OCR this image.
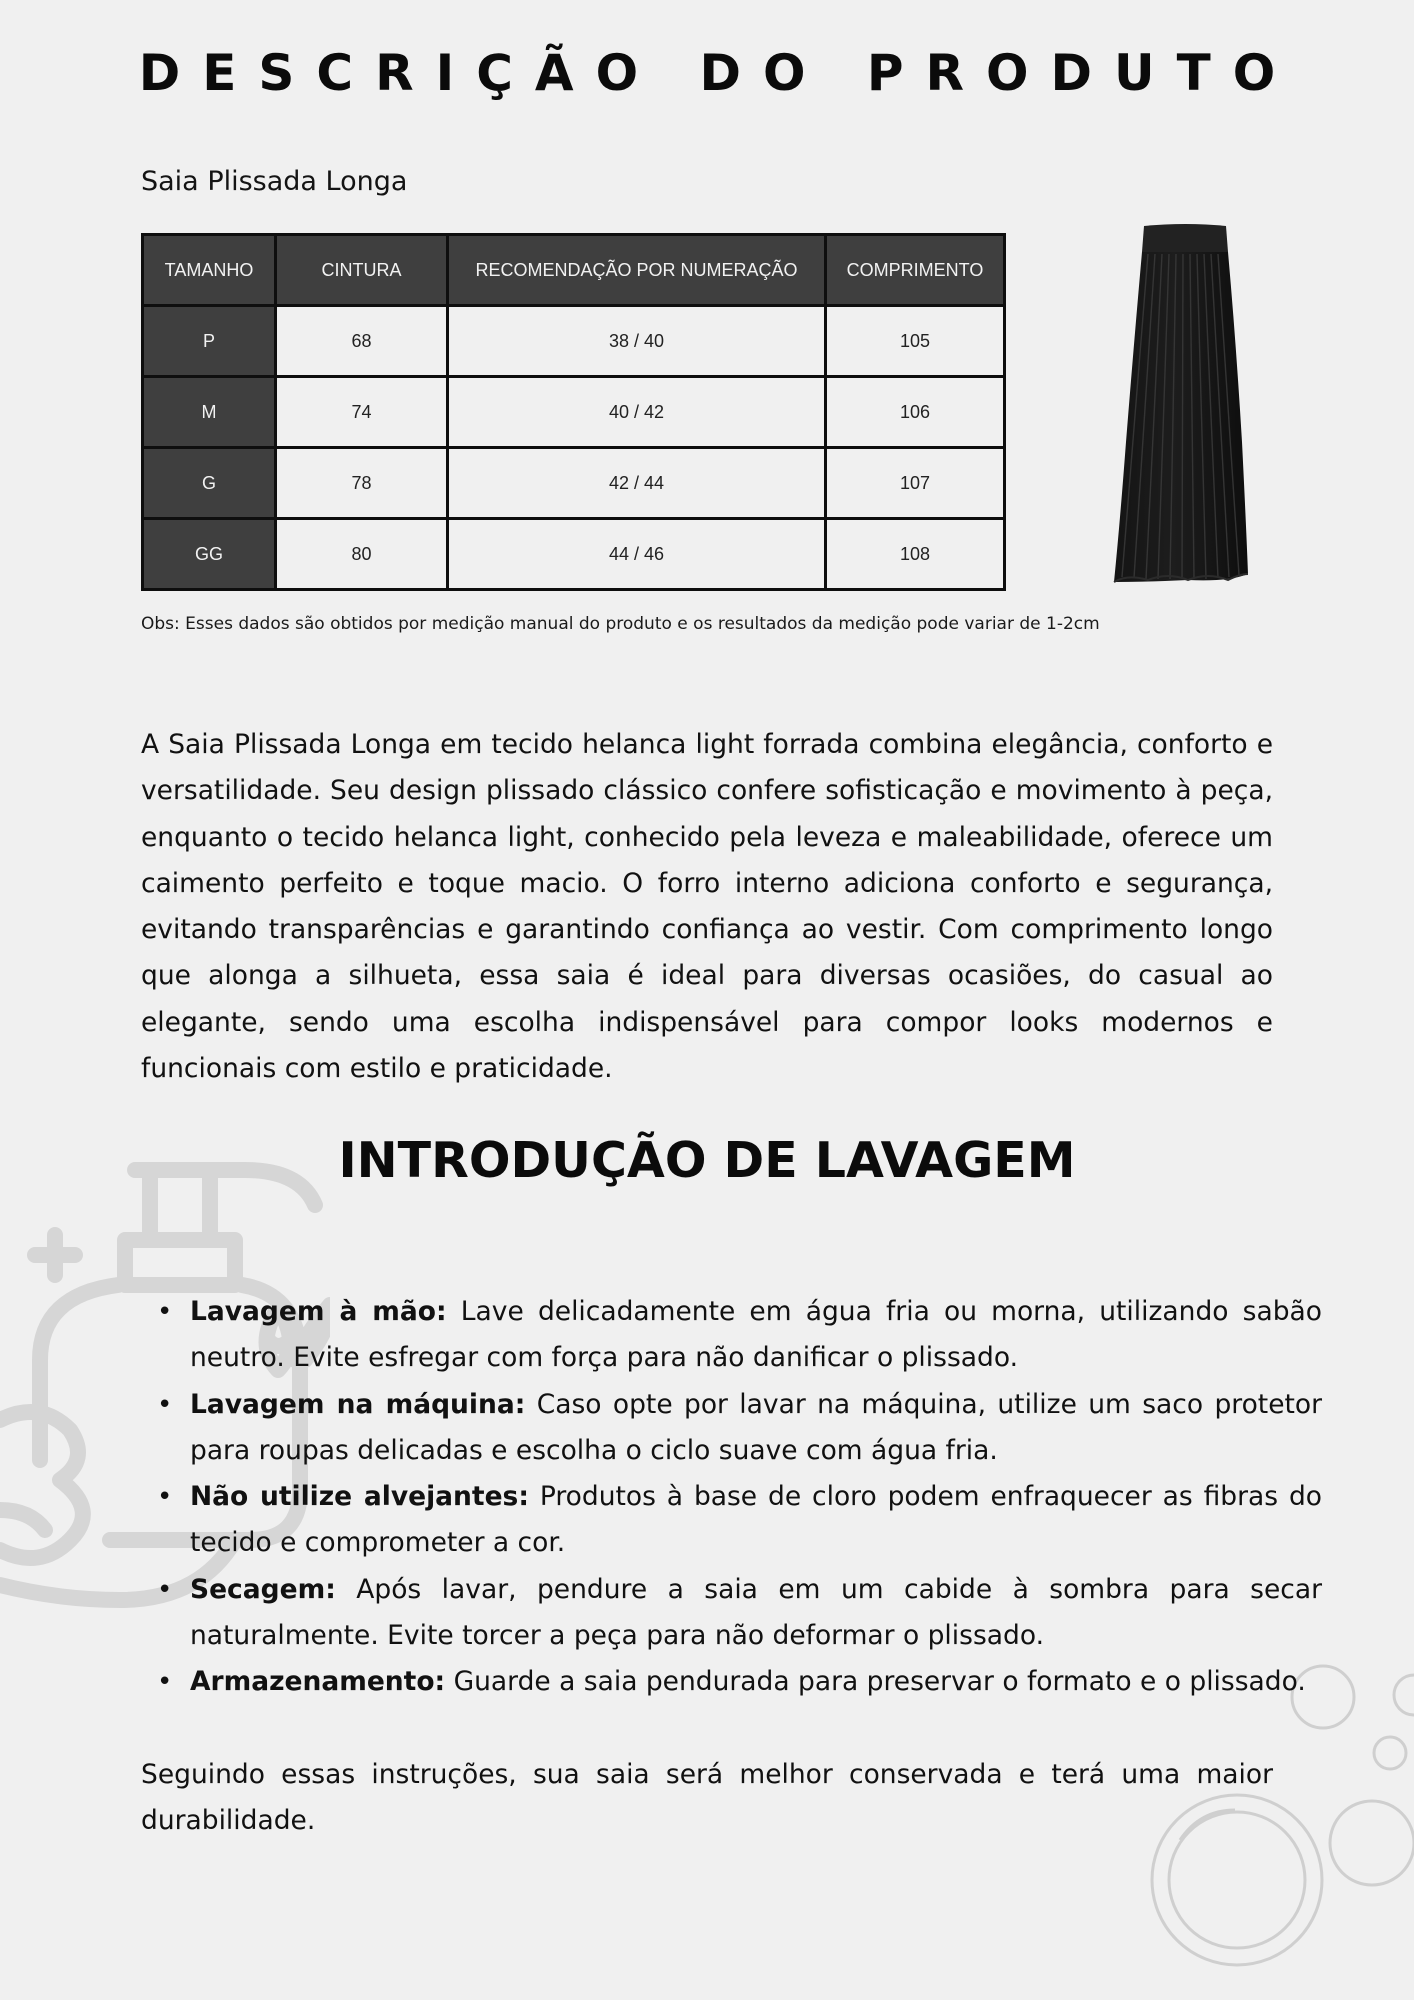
DESCRIÇÃO DO PRODUTO
Saia Plissada Longa
TAMANHO	CINTURA	RECOMENDAÇÃO POR NUMERAÇÃO	COMPRIMENTO
P	68	38 / 40	105
M	74	40 / 42	106
G	78	42 / 44	107
GG	80	44 / 46	108
Obs: Esses dados são obtidos por medição manual do produto e os resultados da medição pode variar de 1-2cm

A Saia Plissada Longa em tecido helanca light forrada combina elegância, conforto e versatilidade. Seu design plissado clássico confere sofisticação e movimento à peça, enquanto o tecido helanca light, conhecido pela leveza e maleabilidade, oferece um caimento perfeito e toque macio. O forro interno adiciona conforto e segurança, evitando transparências e garantindo confiança ao vestir. Com comprimento longo que alonga a silhueta, essa saia é ideal para diversas ocasiões, do casual ao elegante, sendo uma escolha indispensável para compor looks modernos e funcionais com estilo e praticidade.

INTRODUÇÃO DE LAVAGEM
• Lavagem à mão: Lave delicadamente em água fria ou morna, utilizando sabão neutro. Evite esfregar com força para não danificar o plissado.
• Lavagem na máquina: Caso opte por lavar na máquina, utilize um saco protetor para roupas delicadas e escolha o ciclo suave com água fria.
• Não utilize alvejantes: Produtos à base de cloro podem enfraquecer as fibras do tecido e comprometer a cor.
• Secagem: Após lavar, pendure a saia em um cabide à sombra para secar naturalmente. Evite torcer a peça para não deformar o plissado.
• Armazenamento: Guarde a saia pendurada para preservar o formato e o plissado.

Seguindo essas instruções, sua saia será melhor conservada e terá uma maior durabilidade.
